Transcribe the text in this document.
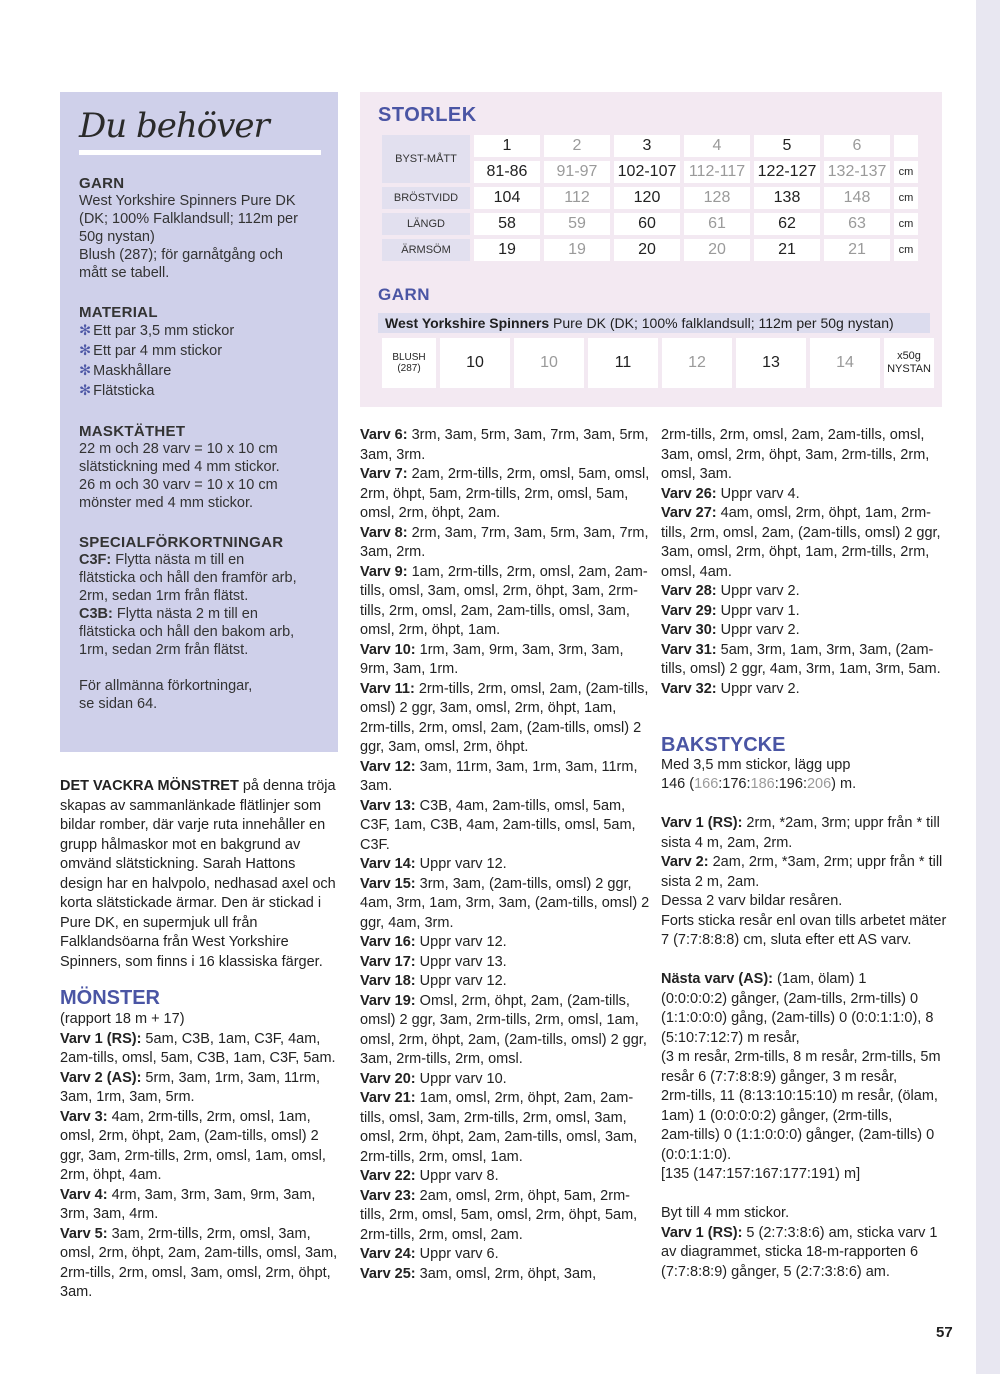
Du behöver

GARN

West Yorkshire Spinners Pure DK

(DK; 100% Falklandsull; 112m per

50g nystan)

Blush (287); för garnåtgång och

mått se tabell.

MATERIAL

✻ Ett par 3,5 mm stickor
✻ Ett par 4 mm stickor
✻ Maskhållare
✻ Flätsticka

MASKTÄTHET

22 m och 28 varv = 10 x 10 cm

slätstickning med 4 mm stickor.

26 m och 30 varv = 10 x 10 cm

mönster med 4 mm stickor.

SPECIALFÖRKORTNINGAR

C3F: Flytta nästa m till en

flätsticka och håll den framför arb,

2rm, sedan 1rm från flätst.

C3B: Flytta nästa 2 m till en

flätsticka och håll den bakom arb,

1rm, sedan 2rm från flätst.

För allmänna förkortningar,

se sidan 64.

DET VACKRA MÖNSTRET på denna tröja
skapas av sammanlänkade flätlinjer som
bildar romber, där varje ruta innehåller en
grupp hålmaskor mot en bakgrund av
omvänd slätstickning. Sarah Hattons
design har en halvpolo, nedhasad axel och
korta slätstickade ärmar. Den är stickad i
Pure DK, en supermjuk ull från
Falklandsöarna från West Yorkshire
Spinners, som finns i 16 klassiska färger.

MÖNSTER

(rapport 18 m + 17)

Varv 1 (RS): 5am, C3B, 1am, C3F, 4am, 2am-tills, omsl, 5am, C3B, 1am, C3F, 5am.

Varv 2 (AS): 5rm, 3am, 1rm, 3am, 11rm, 3am, 1rm, 3am, 5rm.

Varv 3: 4am, 2rm-tills, 2rm, omsl, 1am, omsl, 2rm, öhpt, 2am, (2am-tills, omsl) 2 ggr, 3am, 2rm-tills, 2rm, omsl, 1am, omsl, 2rm, öhpt, 4am.

Varv 4: 4rm, 3am, 3rm, 3am, 9rm, 3am, 3rm, 3am, 4rm.

Varv 5: 3am, 2rm-tills, 2rm, omsl, 3am, omsl, 2rm, öhpt, 2am, 2am-tills, omsl, 3am, 2rm-tills, 2rm, omsl, 3am, omsl, 2rm, öhpt, 3am.

STORLEK
BYST-MÅTT	1	2	3	4	5	6	
	81-86	91-97	102-107	112-117	122-127	132-137	cm
BRÖSTVIDD	104	112	120	128	138	148	cm
LÄNGD	58	59	60	61	62	63	cm
ÄRMSÖM	19	19	20	20	21	21	cm
GARN
West Yorkshire Spinners Pure DK (DK; 100% falklandsull; 112m per 50g nystan)
BLUSH
(287)	10	10	11	12	13	14	x50g
NYSTAN

Varv 6: 3rm, 3am, 5rm, 3am, 7rm, 3am, 5rm, 3am, 3rm.

Varv 7: 2am, 2rm-tills, 2rm, omsl, 5am, omsl, 2rm, öhpt, 5am, 2rm-tills, 2rm, omsl, 5am, omsl, 2rm, öhpt, 2am.

Varv 8: 2rm, 3am, 7rm, 3am, 5rm, 3am, 7rm, 3am, 2rm.

Varv 9: 1am, 2rm-tills, 2rm, omsl, 2am, 2am-tills, omsl, 3am, omsl, 2rm, öhpt, 3am, 2rm-tills, 2rm, omsl, 2am, 2am-tills, omsl, 3am, omsl, 2rm, öhpt, 1am.

Varv 10: 1rm, 3am, 9rm, 3am, 3rm, 3am, 9rm, 3am, 1rm.

Varv 11: 2rm-tills, 2rm, omsl, 2am, (2am-tills, omsl) 2 ggr, 3am, omsl, 2rm, öhpt, 1am, 2rm-tills, 2rm, omsl, 2am, (2am-tills, omsl) 2 ggr, 3am, omsl, 2rm, öhpt.

Varv 12: 3am, 11rm, 3am, 1rm, 3am, 11rm, 3am.

Varv 13: C3B, 4am, 2am-tills, omsl, 5am, C3F, 1am, C3B, 4am, 2am-tills, omsl, 5am, C3F.

Varv 14: Uppr varv 12.

Varv 15: 3rm, 3am, (2am-tills, omsl) 2 ggr, 4am, 3rm, 1am, 3rm, 3am, (2am-tills, omsl) 2 ggr, 4am, 3rm.

Varv 16: Uppr varv 12.

Varv 17: Uppr varv 13.

Varv 18: Uppr varv 12.

Varv 19: Omsl, 2rm, öhpt, 2am, (2am-tills, omsl) 2 ggr, 3am, 2rm-tills, 2rm, omsl, 1am, omsl, 2rm, öhpt, 2am, (2am-tills, omsl) 2 ggr, 3am, 2rm-tills, 2rm, omsl.

Varv 20: Uppr varv 10.

Varv 21: 1am, omsl, 2rm, öhpt, 2am, 2am-tills, omsl, 3am, 2rm-tills, 2rm, omsl, 3am, omsl, 2rm, öhpt, 2am, 2am-tills, omsl, 3am, 2rm-tills, 2rm, omsl, 1am.

Varv 22: Uppr varv 8.

Varv 23: 2am, omsl, 2rm, öhpt, 5am, 2rm-tills, 2rm, omsl, 5am, omsl, 2rm, öhpt, 5am, 2rm-tills, 2rm, omsl, 2am.

Varv 24: Uppr varv 6.

Varv 25: 3am, omsl, 2rm, öhpt, 3am,

2rm-tills, 2rm, omsl, 2am, 2am-tills, omsl, 3am, omsl, 2rm, öhpt, 3am, 2rm-tills, 2rm, omsl, 3am.

Varv 26: Uppr varv 4.

Varv 27: 4am, omsl, 2rm, öhpt, 1am, 2rm-tills, 2rm, omsl, 2am, (2am-tills, omsl) 2 ggr, 3am, omsl, 2rm, öhpt, 1am, 2rm-tills, 2rm, omsl, 4am.

Varv 28: Uppr varv 2.

Varv 29: Uppr varv 1.

Varv 30: Uppr varv 2.

Varv 31: 5am, 3rm, 1am, 3rm, 3am, (2am-tills, omsl) 2 ggr, 4am, 3rm, 1am, 3rm, 5am.

Varv 32: Uppr varv 2.

BAKSTYCKE

Med 3,5 mm stickor, lägg upp

146 (166:176:186:196:206) m.

Varv 1 (RS): 2rm, *2am, 3rm; uppr från * till sista 4 m, 2am, 2rm.

Varv 2: 2am, 2rm, *3am, 2rm; uppr från * till sista 2 m, 2am.

Dessa 2 varv bildar resåren.

Forts sticka resår enl ovan tills arbetet mäter 7 (7:7:8:8:8) cm, sluta efter ett AS varv.

Nästa varv (AS): (1am, ölam) 1

(0:0:0:0:2) gånger, (2am-tills, 2rm-tills) 0

(1:1:0:0:0) gång, (2am-tills) 0 (0:0:1:1:0), 8

(5:10:7:12:7) m resår,

(3 m resår, 2rm-tills, 8 m resår, 2rm-tills, 5m

resår 6 (7:7:8:8:9) gånger, 3 m resår,

2rm-tills, 11 (8:13:10:15:10) m resår, (ölam,

1am) 1 (0:0:0:0:2) gånger, (2rm-tills,

2am-tills) 0 (1:1:0:0:0) gånger, (2am-tills) 0

(0:0:1:1:0).

[135 (147:157:167:177:191) m]

Byt till 4 mm stickor.

Varv 1 (RS): 5 (2:7:3:8:6) am, sticka varv 1 av diagrammet, sticka 18-m-rapporten 6 (7:7:8:8:9) gånger, 5 (2:7:3:8:6) am.

57
